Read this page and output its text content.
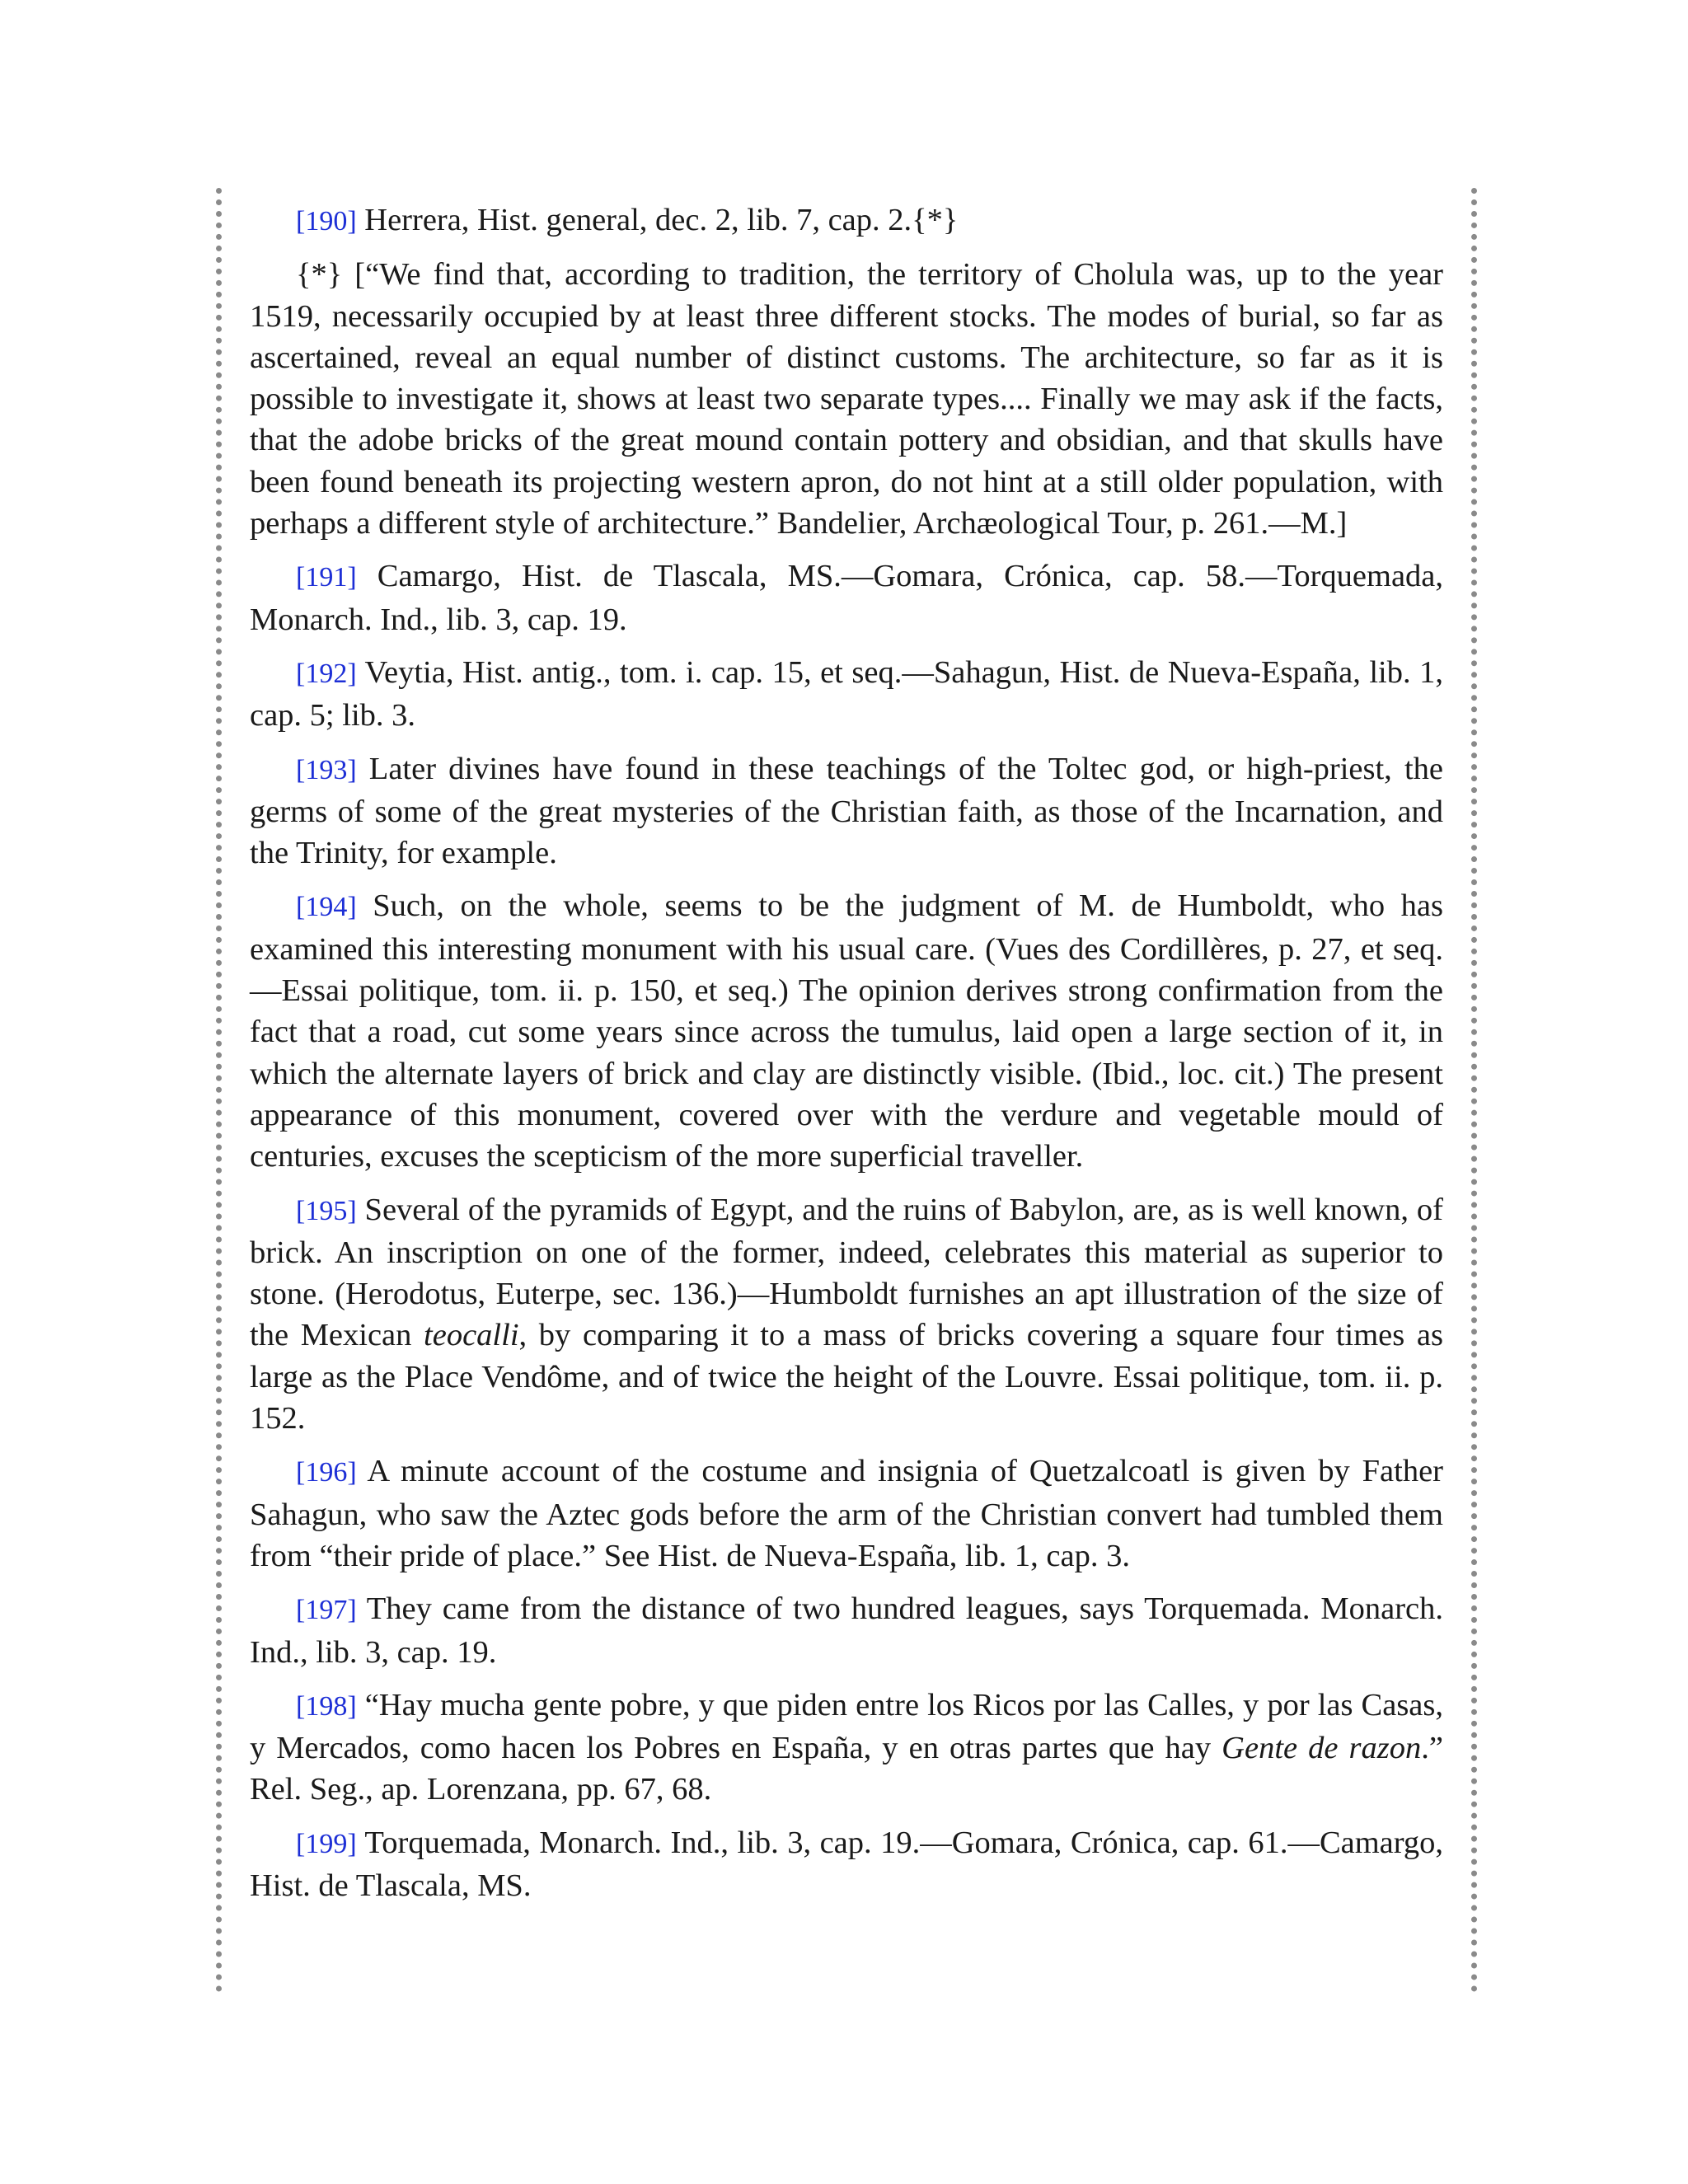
[190] Herrera, Hist. general, dec. 2, lib. 7, cap. 2.{*}

{*} [“We find that, according to tradition, the territory of Cholula was, up to the year 1519, necessarily occupied by at least three different stocks. The modes of burial, so far as ascertained, reveal an equal number of distinct customs. The architecture, so far as it is possible to investigate it, shows at least two separate types.... Finally we may ask if the facts, that the adobe bricks of the great mound contain pottery and obsidian, and that skulls have been found beneath its projecting western apron, do not hint at a still older population, with perhaps a different style of architecture.” Bandelier, Archæological Tour, p. 261.—M.]

[191] Camargo, Hist. de Tlascala, MS.—Gomara, Crónica, cap. 58.—Torquemada, Monarch. Ind., lib. 3, cap. 19.

[192] Veytia, Hist. antig., tom. i. cap. 15, et seq.—Sahagun, Hist. de Nueva-España, lib. 1, cap. 5; lib. 3.

[193] Later divines have found in these teachings of the Toltec god, or high-priest, the germs of some of the great mysteries of the Christian faith, as those of the Incarnation, and the Trinity, for example.

[194] Such, on the whole, seems to be the judgment of M. de Humboldt, who has examined this interesting monument with his usual care. (Vues des Cordillères, p. 27, et seq.—Essai politique, tom. ii. p. 150, et seq.) The opinion derives strong confirmation from the fact that a road, cut some years since across the tumulus, laid open a large section of it, in which the alternate layers of brick and clay are distinctly visible. (Ibid., loc. cit.) The present appearance of this monument, covered over with the verdure and vegetable mould of centuries, excuses the scepticism of the more superficial traveller.

[195] Several of the pyramids of Egypt, and the ruins of Babylon, are, as is well known, of brick. An inscription on one of the former, indeed, celebrates this material as superior to stone. (Herodotus, Euterpe, sec. 136.)—Humboldt furnishes an apt illustration of the size of the Mexican teocalli, by comparing it to a mass of bricks covering a square four times as large as the Place Vendôme, and of twice the height of the Louvre. Essai politique, tom. ii. p. 152.

[196] A minute account of the costume and insignia of Quetzalcoatl is given by Father Sahagun, who saw the Aztec gods before the arm of the Christian convert had tumbled them from “their pride of place.” See Hist. de Nueva-España, lib. 1, cap. 3.

[197] They came from the distance of two hundred leagues, says Torquemada. Monarch. Ind., lib. 3, cap. 19.

[198] “Hay mucha gente pobre, y que piden entre los Ricos por las Calles, y por las Casas, y Mercados, como hacen los Pobres en España, y en otras partes que hay Gente de razon.” Rel. Seg., ap. Lorenzana, pp. 67, 68.

[199] Torquemada, Monarch. Ind., lib. 3, cap. 19.—Gomara, Crónica, cap. 61.—Camargo, Hist. de Tlascala, MS.
